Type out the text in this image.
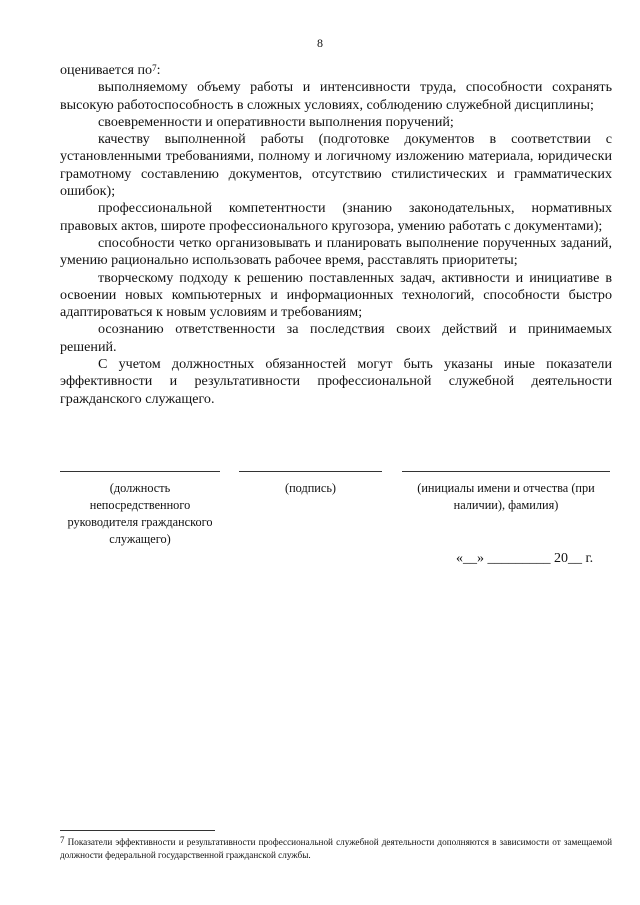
8

оценивается $по^7$:

выполняемому объему работы и интенсивности труда, способности сохранять высокую работоспособность в сложных условиях, соблюдению служебной дисциплины;

своевременности и оперативности выполнения поручений;

качеству выполненной работы (подготовке документов в соответствии с установленными требованиями, полному и логичному изложению материала, юридически грамотному составлению документов, отсутствию стилистических и грамматических ошибок);

профессиональной компетентности (знанию законодательных, нормативных правовых актов, широте профессионального кругозора, умению работать с документами);

способности четко организовывать и планировать выполнение порученных заданий, умению рационально использовать рабочее время, расставлять приоритеты;

творческому подходу к решению поставленных задач, активности и инициативе в освоении новых компьютерных и информационных технологий, способности быстро адаптироваться к новым условиям и требованиям;

осознанию ответственности за последствия своих действий и принимаемых решений.

С учетом должностных обязанностей могут быть указаны иные показатели эффективности и результативности профессиональной служебной деятельности гражданского служащего.

(должность непосредственного руководителя гражданского служащего)
(подпись)	(инициалы имени и отчества (при наличии), фамилия)
«__» _________ 20__ г.
$^7$ Показатели эффективности и результативности профессиональной служебной деятельности дополняются в зависимости от замещаемой должности федеральной государственной гражданской службы.
